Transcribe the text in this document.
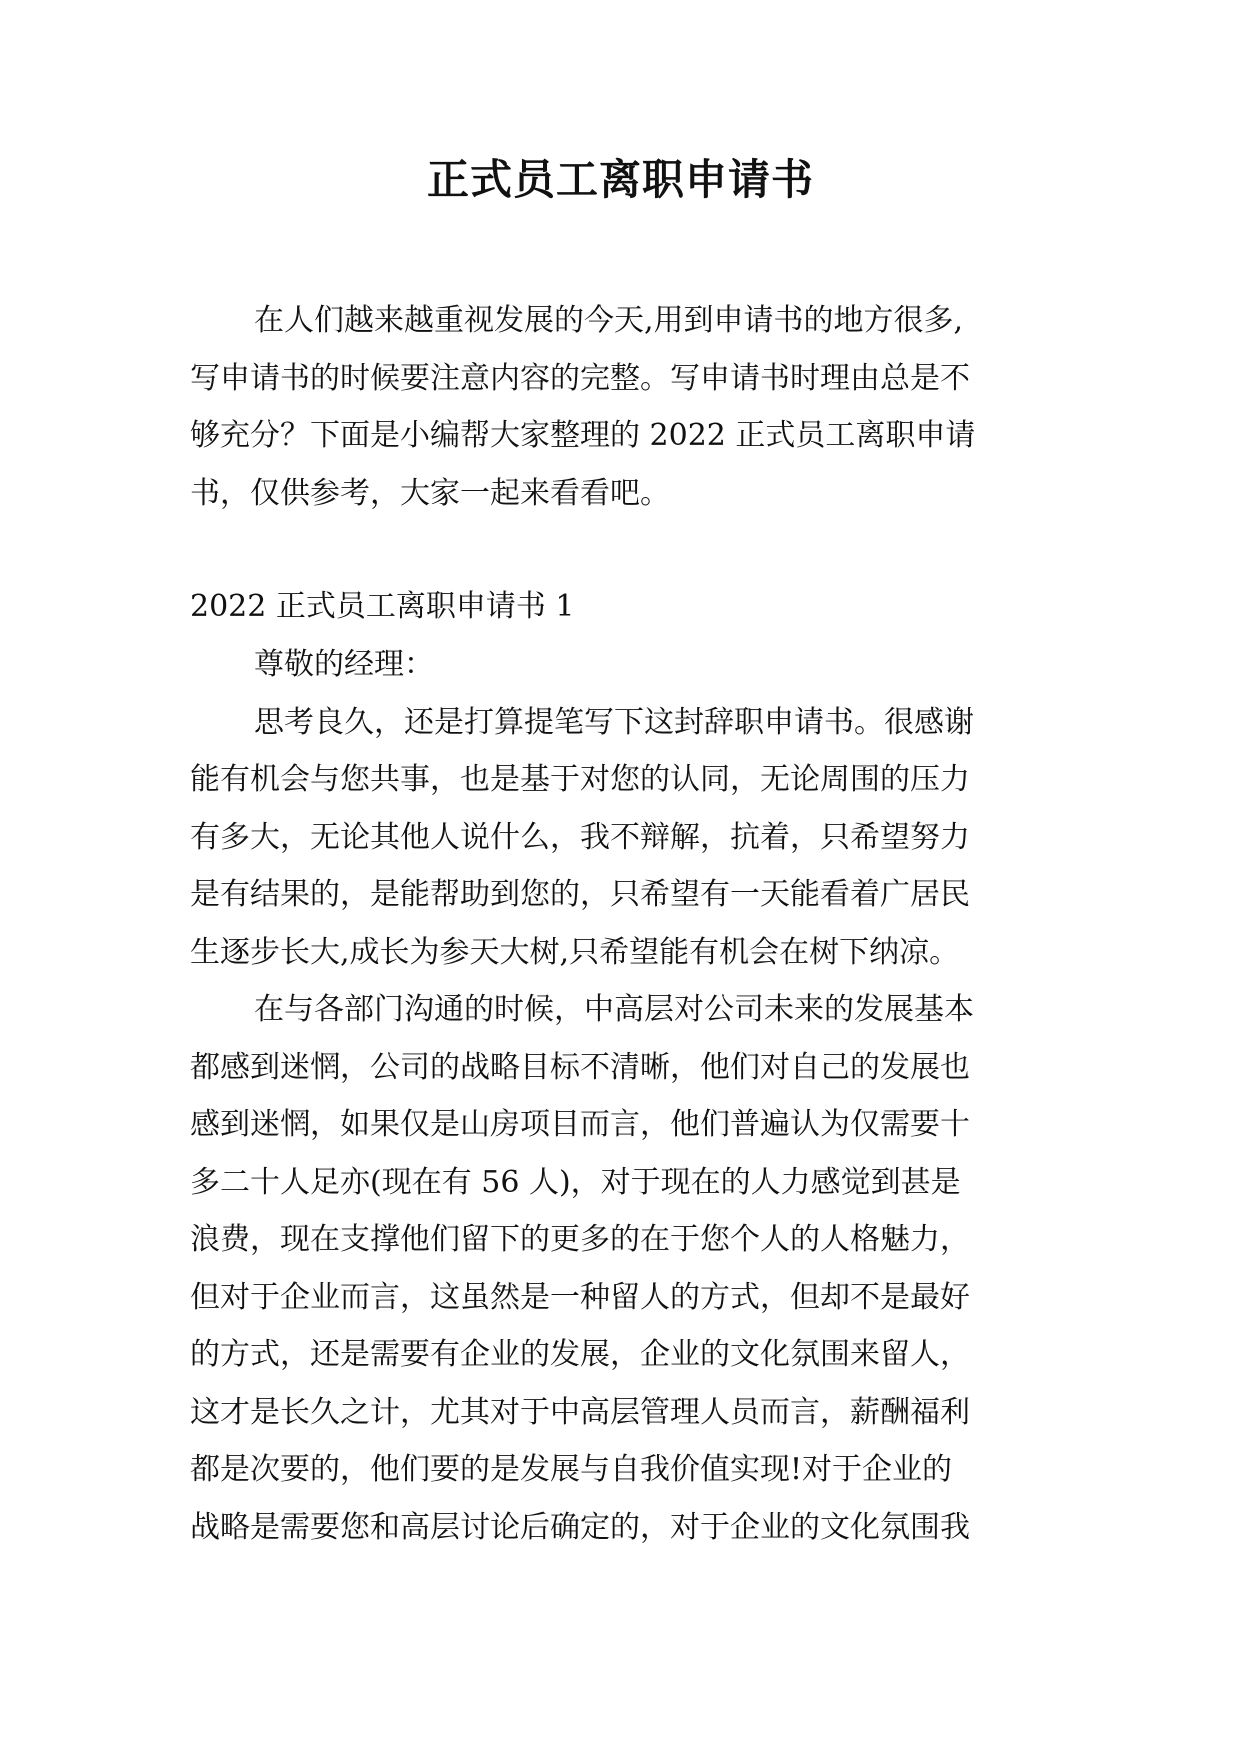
正式员工离职申请书
在人们越来越重视发展的今天,用到申请书的地方很多,
写申请书的时候要注意内容的完整。写申请书时理由总是不
够充分？下面是小编帮大家整理的 2022 正式员工离职申请
书，仅供参考，大家一起来看看吧。
2022 正式员工离职申请书 1
尊敬的经理：
思考良久，还是打算提笔写下这封辞职申请书。很感谢
能有机会与您共事，也是基于对您的认同，无论周围的压力
有多大，无论其他人说什么，我不辩解，抗着，只希望努力
是有结果的，是能帮助到您的，只希望有一天能看着广居民
生逐步长大,成长为参天大树,只希望能有机会在树下纳凉。
在与各部门沟通的时候，中高层对公司未来的发展基本
都感到迷惘，公司的战略目标不清晰，他们对自己的发展也
感到迷惘，如果仅是山房项目而言，他们普遍认为仅需要十
多二十人足亦(现在有 56 人)，对于现在的人力感觉到甚是
浪费，现在支撑他们留下的更多的在于您个人的人格魅力，
但对于企业而言，这虽然是一种留人的方式，但却不是最好
的方式，还是需要有企业的发展，企业的文化氛围来留人，
这才是长久之计，尤其对于中高层管理人员而言，薪酬福利
都是次要的，他们要的是发展与自我价值实现!对于企业的
战略是需要您和高层讨论后确定的，对于企业的文化氛围我
